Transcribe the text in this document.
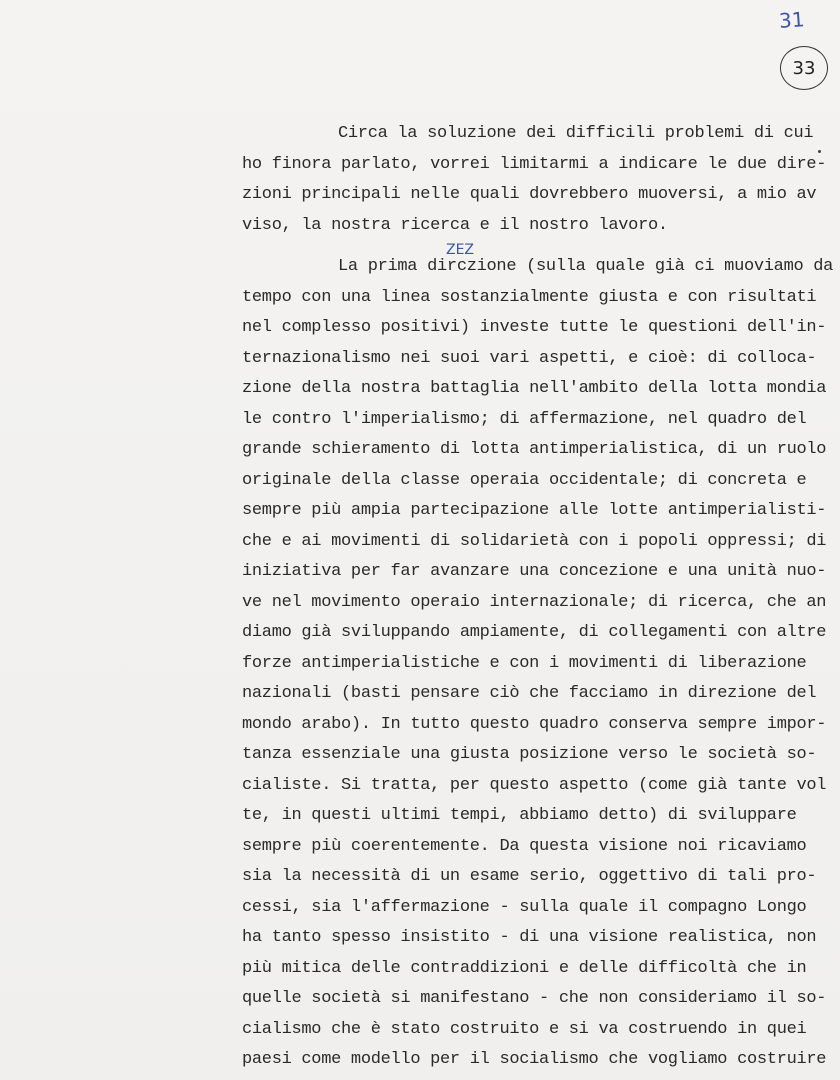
31
33
ZEZ
Circa la soluzione dei difficili problemi di cui
ho finora parlato, vorrei limitarmi a indicare le due dire-
zioni principali nelle quali dovrebbero muoversi, a mio av
viso, la nostra ricerca e il nostro lavoro.
La prima dirczione (sulla quale già ci muoviamo da
tempo con una linea sostanzialmente giusta e con risultati
nel complesso positivi) investe tutte le questioni dell'in-
ternazionalismo nei suoi vari aspetti, e cioè: di colloca-
zione della nostra battaglia nell'ambito della lotta mondia
le contro l'imperialismo; di affermazione, nel quadro del
grande schieramento di lotta antimperialistica, di un ruolo
originale della classe operaia occidentale; di concreta e
sempre più ampia partecipazione alle lotte antimperialisti-
che e ai movimenti di solidarietà con i popoli oppressi; di
iniziativa per far avanzare una concezione e una unità nuo-
ve nel movimento operaio internazionale; di ricerca, che an
diamo già sviluppando ampiamente, di collegamenti con altre
forze antimperialistiche e con i movimenti di liberazione
nazionali (basti pensare ciò che facciamo in direzione del
mondo arabo). In tutto questo quadro conserva sempre impor-
tanza essenziale una giusta posizione verso le società so-
cialiste. Si tratta, per questo aspetto (come già tante vol
te, in questi ultimi tempi, abbiamo detto) di sviluppare
sempre più coerentemente. Da questa visione noi ricaviamo
sia la necessità di un esame serio, oggettivo di tali pro-
cessi, sia l'affermazione - sulla quale il compagno Longo
ha tanto spesso insistito - di una visione realistica, non
più mitica delle contraddizioni e delle difficoltà che in
quelle società si manifestano - che non consideriamo il so-
cialismo che è stato costruito e si va costruendo in quei
paesi come modello per il socialismo che vogliamo costruire
